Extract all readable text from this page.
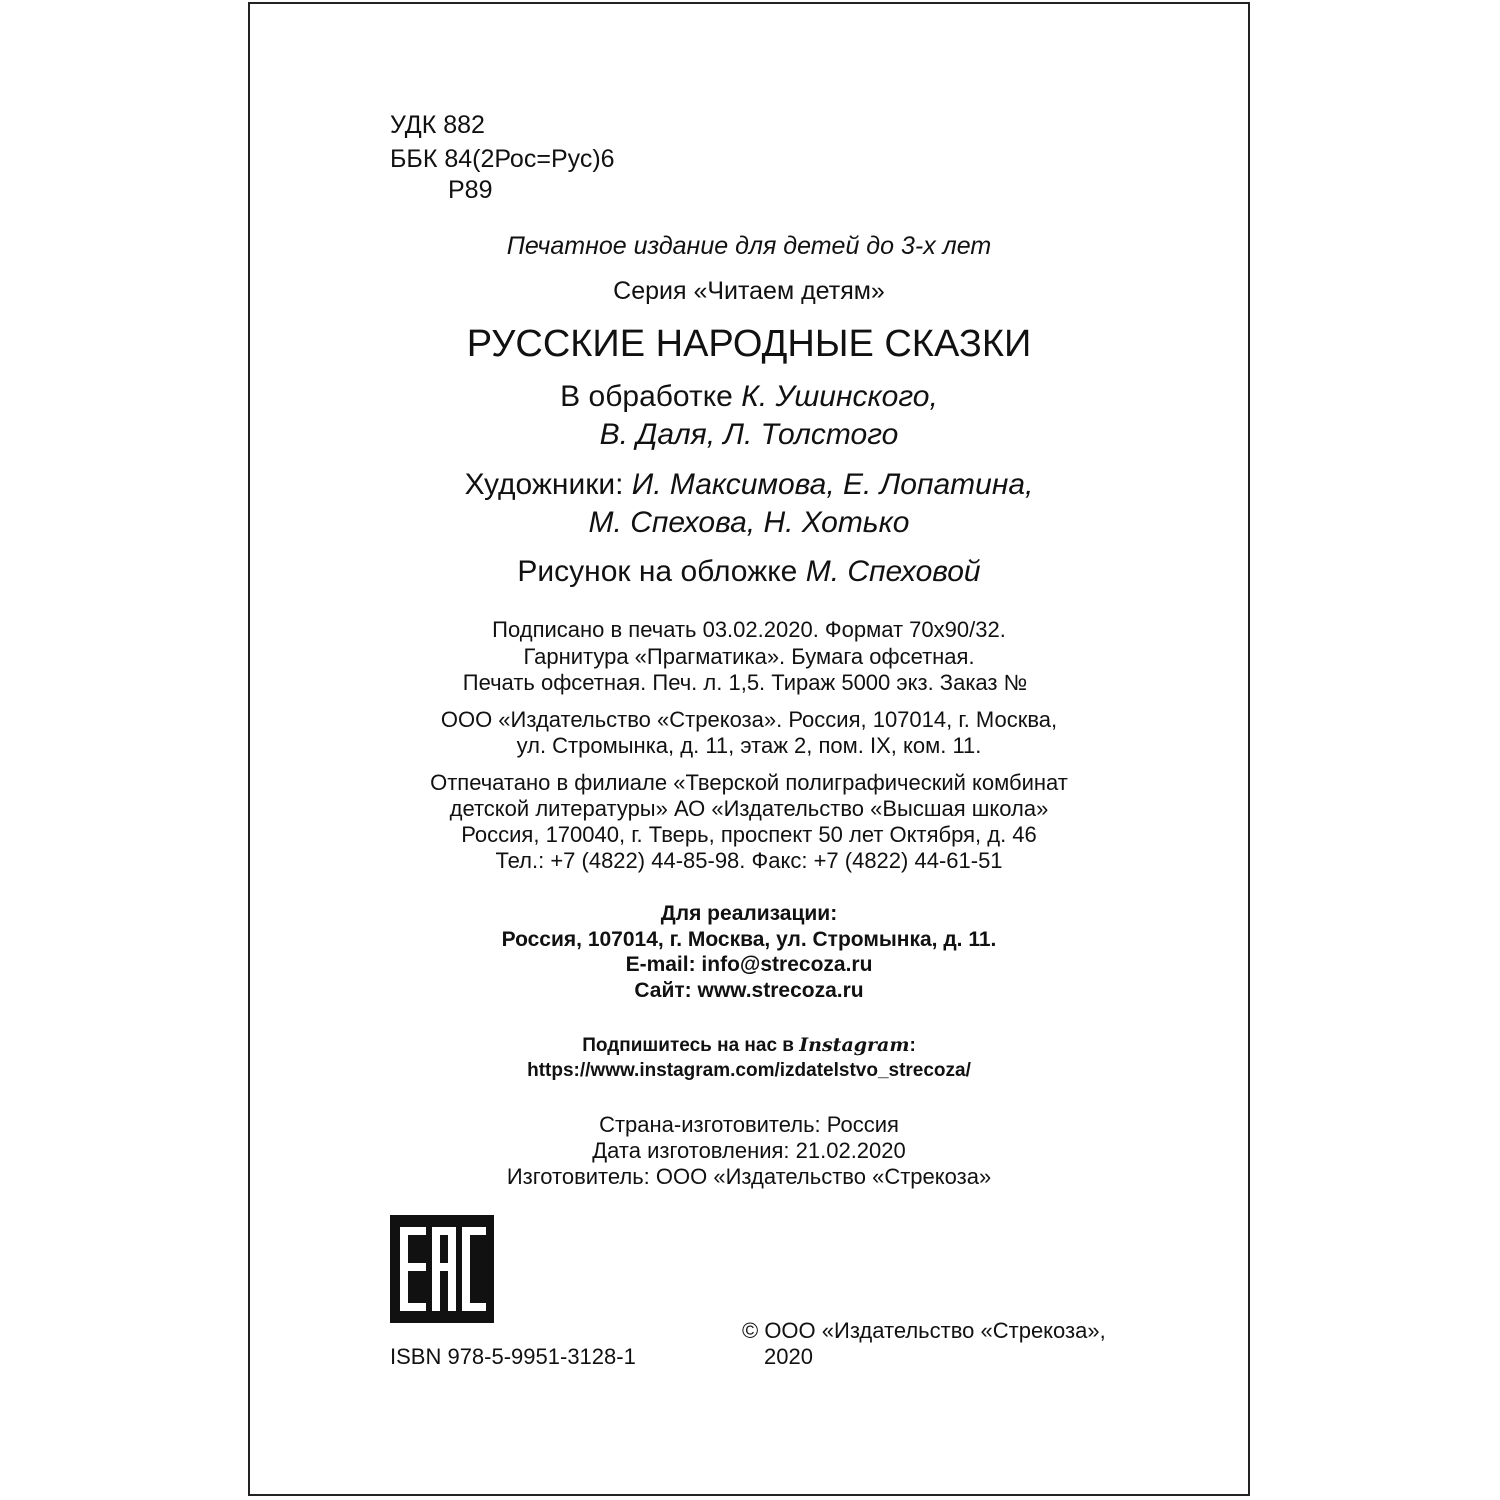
УДК 882
ББК 84(2Рос=Рус)6
Р89
Печатное издание для детей до 3-х лет
Серия «Читаем детям»
РУССКИЕ НАРОДНЫЕ СКАЗКИ
В обработке К. Ушинского,
В. Даля, Л. Толстого
Художники: И. Максимова, Е. Лопатина,
М. Спехова, Н. Хотько
Рисунок на обложке М. Спеховой
Подписано в печать 03.02.2020. Формат 70x90/32.
Гарнитура «Прагматика». Бумага офсетная.
Печать офсетная. Печ. л. 1,5. Тираж 5000 экз. Заказ №
ООО «Издательство «Стрекоза». Россия, 107014, г. Москва,
ул. Стромынка, д. 11, этаж 2, пом. IX, ком. 11.
Отпечатано в филиале «Тверской полиграфический комбинат
детской литературы» АО «Издательство «Высшая школа»
Россия, 170040, г. Тверь, проспект 50 лет Октября, д. 46
Тел.: +7 (4822) 44-85-98. Факс: +7 (4822) 44-61-51
Для реализации:
Россия, 107014, г. Москва, ул. Стромынка, д. 11.
E-mail: info@strecoza.ru
Сайт: www.strecoza.ru
Подпишитесь на нас в Instagram:
https://www.instagram.com/izdatelstvo_strecoza/
Страна-изготовитель: Россия
Дата изготовления: 21.02.2020
Изготовитель: ООО «Издательство «Стрекоза»
ISBN 978-5-9951-3128-1
© ООО «Издательство «Стрекоза»,
2020
